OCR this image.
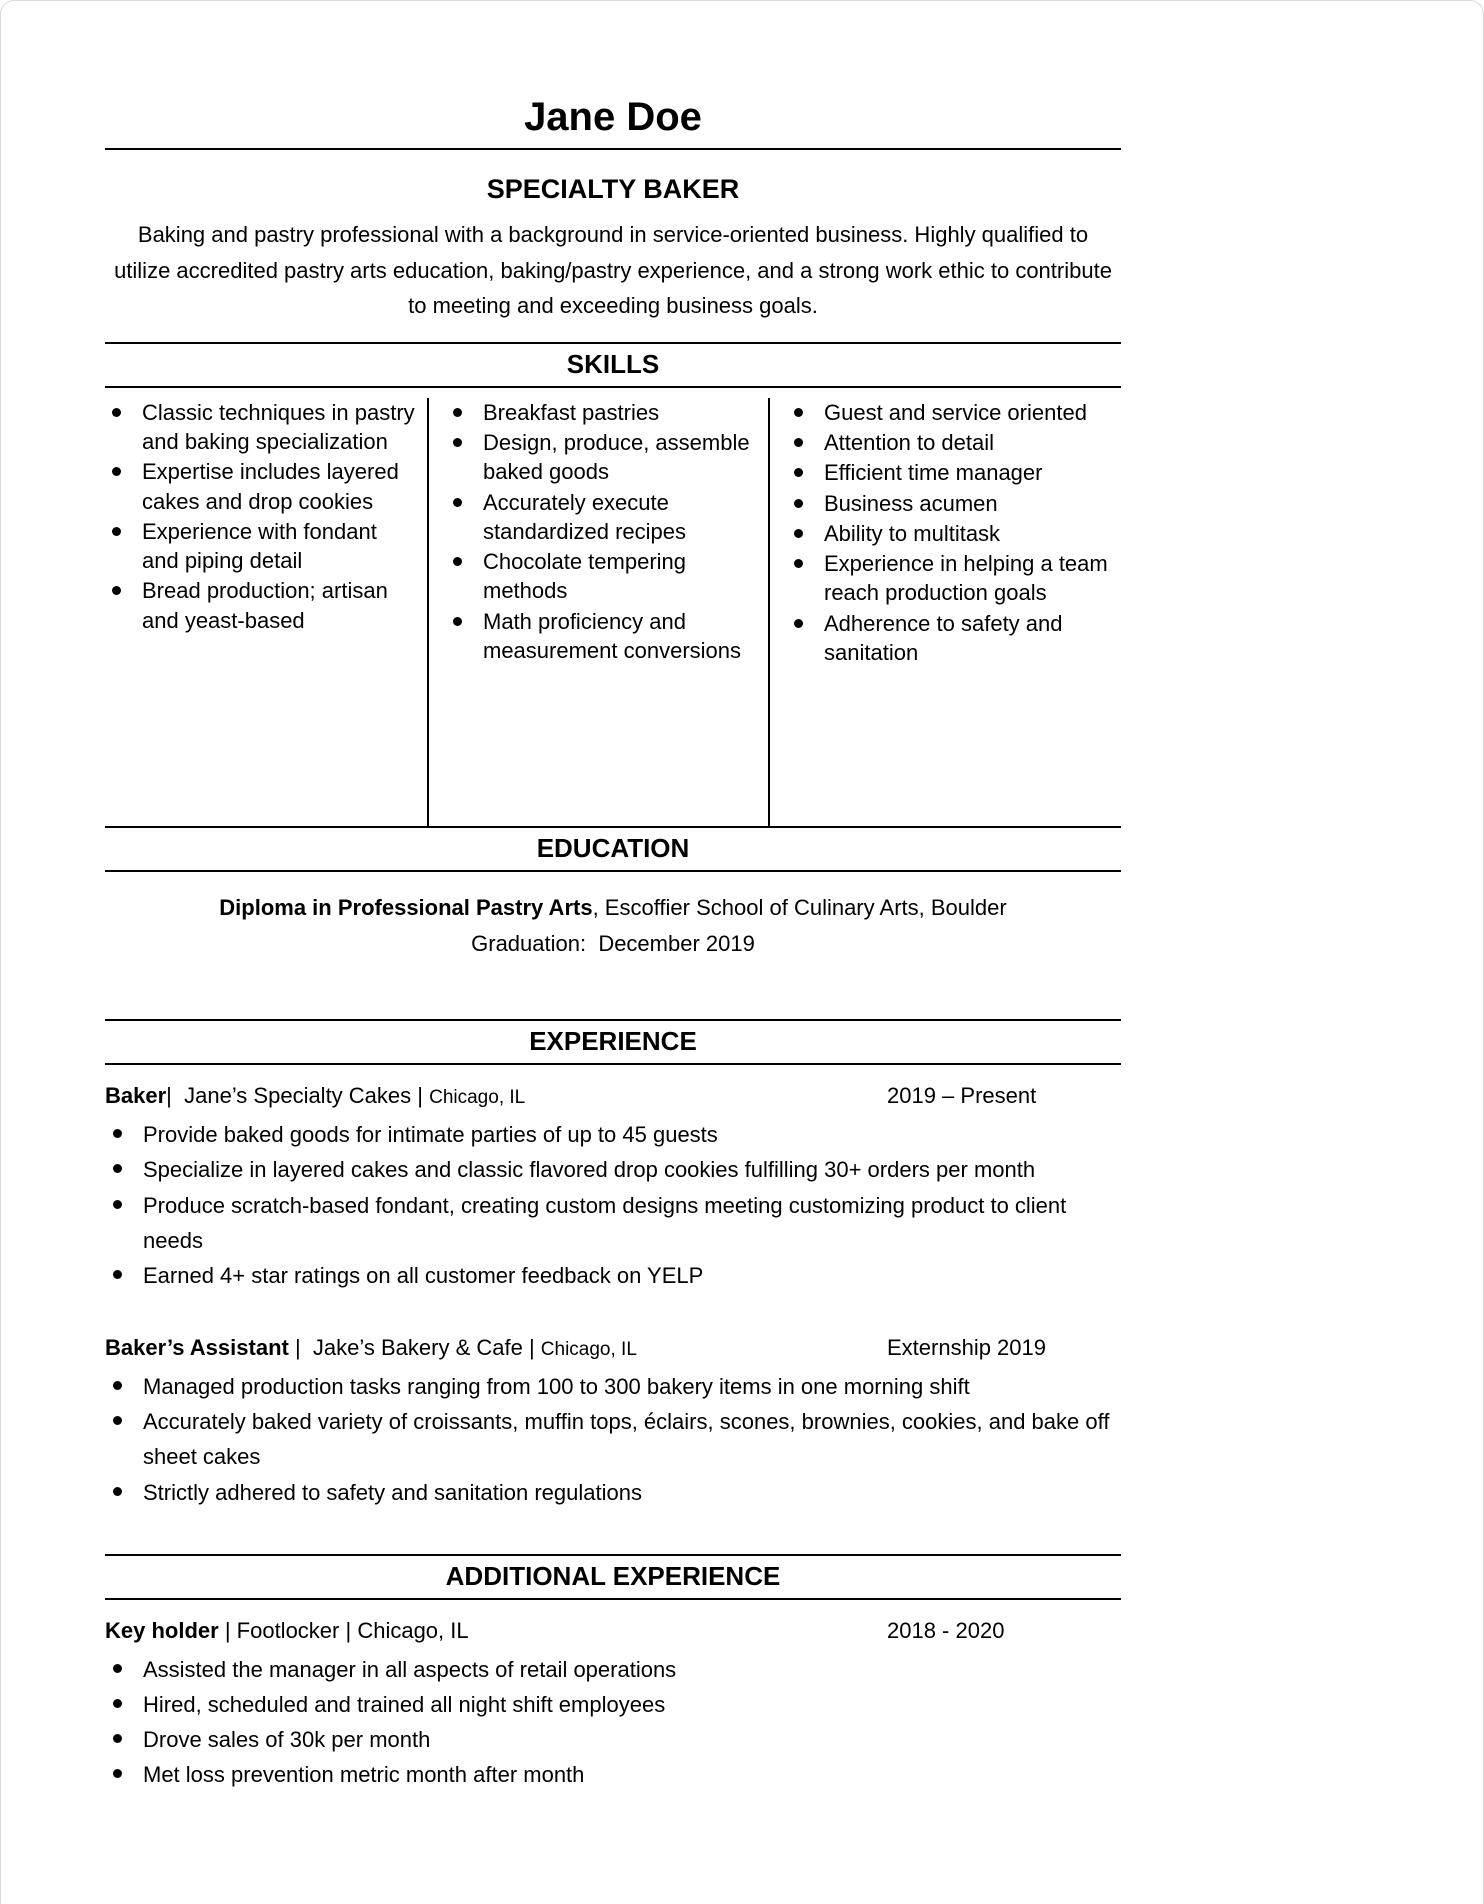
Jane Doe
SPECIALTY BAKER
Baking and pastry professional with a background in service-oriented business. Highly qualified to utilize accredited pastry arts education, baking/pastry experience, and a strong work ethic to contribute to meeting and exceeding business goals.
SKILLS
Classic techniques in pastry and baking specialization
Expertise includes layered cakes and drop cookies
Experience with fondant and piping detail
Bread production; artisan and yeast-based
Breakfast pastries
Design, produce, assemble baked goods
Accurately execute standardized recipes
Chocolate tempering methods
Math proficiency and measurement conversions
Guest and service oriented
Attention to detail
Efficient time manager
Business acumen
Ability to multitask
Experience in helping a team reach production goals
Adherence to safety and sanitation
EDUCATION
Diploma in Professional Pastry Arts, Escoffier School of Culinary Arts, Boulder
Graduation:  December 2019
EXPERIENCE
Baker|  Jane’s Specialty Cakes | Chicago, IL	2019 – Present
Provide baked goods for intimate parties of up to 45 guests
Specialize in layered cakes and classic flavored drop cookies fulfilling 30+ orders per month
Produce scratch-based fondant, creating custom designs meeting customizing product to client needs
Earned 4+ star ratings on all customer feedback on YELP
Baker’s Assistant |  Jake’s Bakery & Cafe | Chicago, IL	Externship 2019
Managed production tasks ranging from 100 to 300 bakery items in one morning shift
Accurately baked variety of croissants, muffin tops, éclairs, scones, brownies, cookies, and bake off sheet cakes
Strictly adhered to safety and sanitation regulations
ADDITIONAL EXPERIENCE
Key holder | Footlocker | Chicago, IL	2018 - 2020
Assisted the manager in all aspects of retail operations
Hired, scheduled and trained all night shift employees
Drove sales of 30k per month
Met loss prevention metric month after month
